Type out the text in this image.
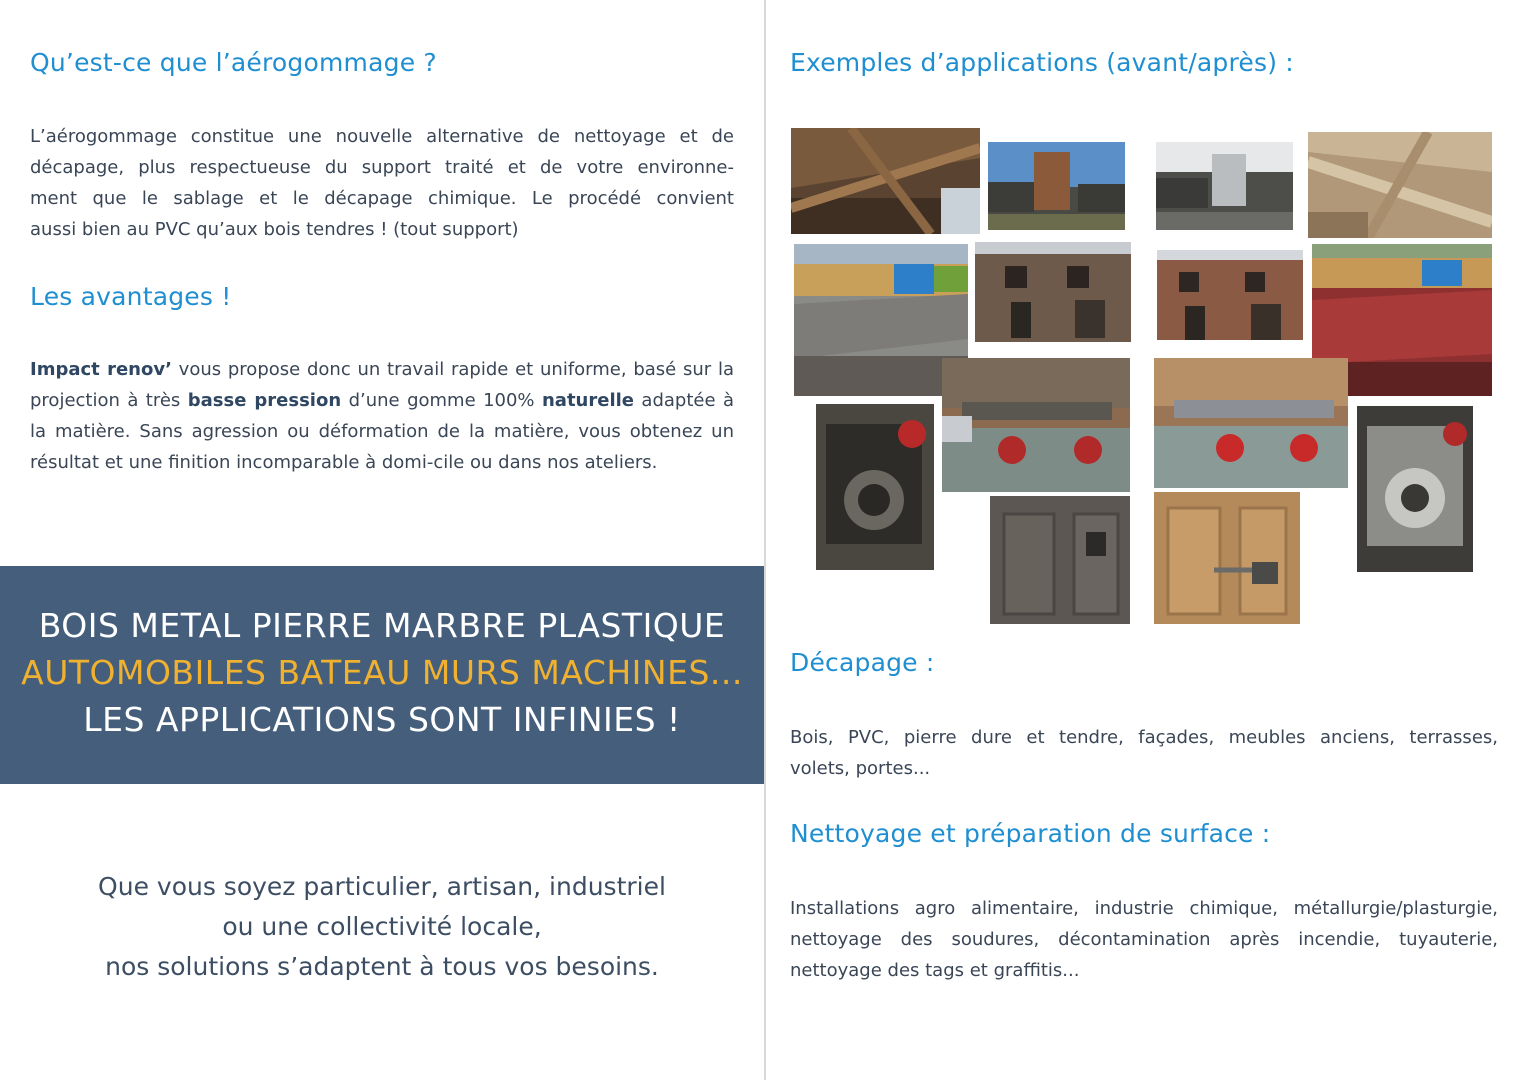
Qu’est-ce que l’aérogommage ?

L’aérogommage constitue une nouvelle alternative de nettoyage et de

décapage, plus respectueuse du support traité et de votre environne-

ment que le sablage et le décapage chimique. Le procédé convient

aussi bien au PVC qu’aux bois tendres ! (tout support)

Les avantages !

Impact renov’ vous propose donc un travail rapide et uniforme, basé sur la projection à très basse pression d’une gomme 100% naturelle adaptée à la matière. Sans agression ou déformation de la matière, vous obtenez un résultat et une finition incomparable à domi-cile ou dans nos ateliers.

BOIS METAL PIERRE MARBRE PLASTIQUE
AUTOMOBILES BATEAU MURS MACHINES...
LES APPLICATIONS SONT INFINIES !
Que vous soyez particulier, artisan, industriel
ou une collectivité locale,
nos solutions s’adaptent à tous vos besoins.
Exemples d’applications (avant/après) :
Décapage :

Bois, PVC, pierre dure et tendre, façades, meubles anciens, terrasses,

volets, portes...

Nettoyage et préparation de surface :

Installations agro alimentaire, industrie chimique, métallurgie/plasturgie,

nettoyage des soudures, décontamination après incendie, tuyauterie,

nettoyage des tags et graffitis...
